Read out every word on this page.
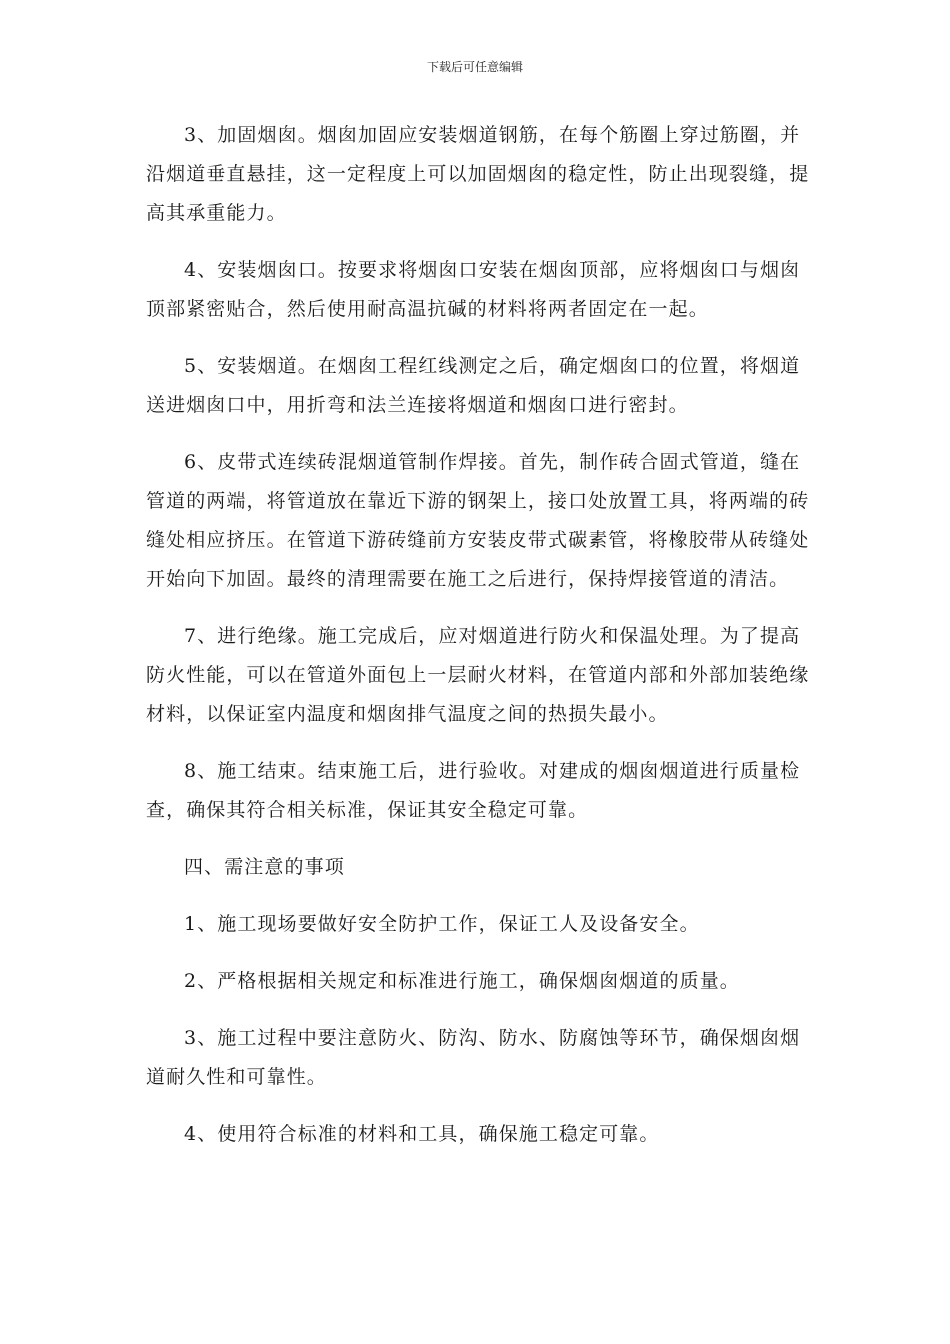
下载后可任意编辑

3、加固烟囱。烟囱加固应安装烟道钢筋，在每个筋圈上穿过筋圈，并沿烟道垂直悬挂，这一定程度上可以加固烟囱的稳定性，防止出现裂缝，提高其承重能力。

4、安装烟囱口。按要求将烟囱口安装在烟囱顶部，应将烟囱口与烟囱顶部紧密贴合，然后使用耐高温抗碱的材料将两者固定在一起。

5、安装烟道。在烟囱工程红线测定之后，确定烟囱口的位置，将烟道送进烟囱口中，用折弯和法兰连接将烟道和烟囱口进行密封。

6、皮带式连续砖混烟道管制作焊接。首先，制作砖合固式管道，缝在管道的两端，将管道放在靠近下游的钢架上，接口处放置工具，将两端的砖缝处相应挤压。在管道下游砖缝前方安装皮带式碳素管，将橡胶带从砖缝处开始向下加固。最终的清理需要在施工之后进行，保持焊接管道的清洁。

7、进行绝缘。施工完成后，应对烟道进行防火和保温处理。为了提高防火性能，可以在管道外面包上一层耐火材料，在管道内部和外部加装绝缘材料，以保证室内温度和烟囱排气温度之间的热损失最小。

8、施工结束。结束施工后，进行验收。对建成的烟囱烟道进行质量检查，确保其符合相关标准，保证其安全稳定可靠。

四、需注意的事项

1、施工现场要做好安全防护工作，保证工人及设备安全。

2、严格根据相关规定和标准进行施工，确保烟囱烟道的质量。

3、施工过程中要注意防火、防沟、防水、防腐蚀等环节，确保烟囱烟道耐久性和可靠性。

4、使用符合标准的材料和工具，确保施工稳定可靠。
